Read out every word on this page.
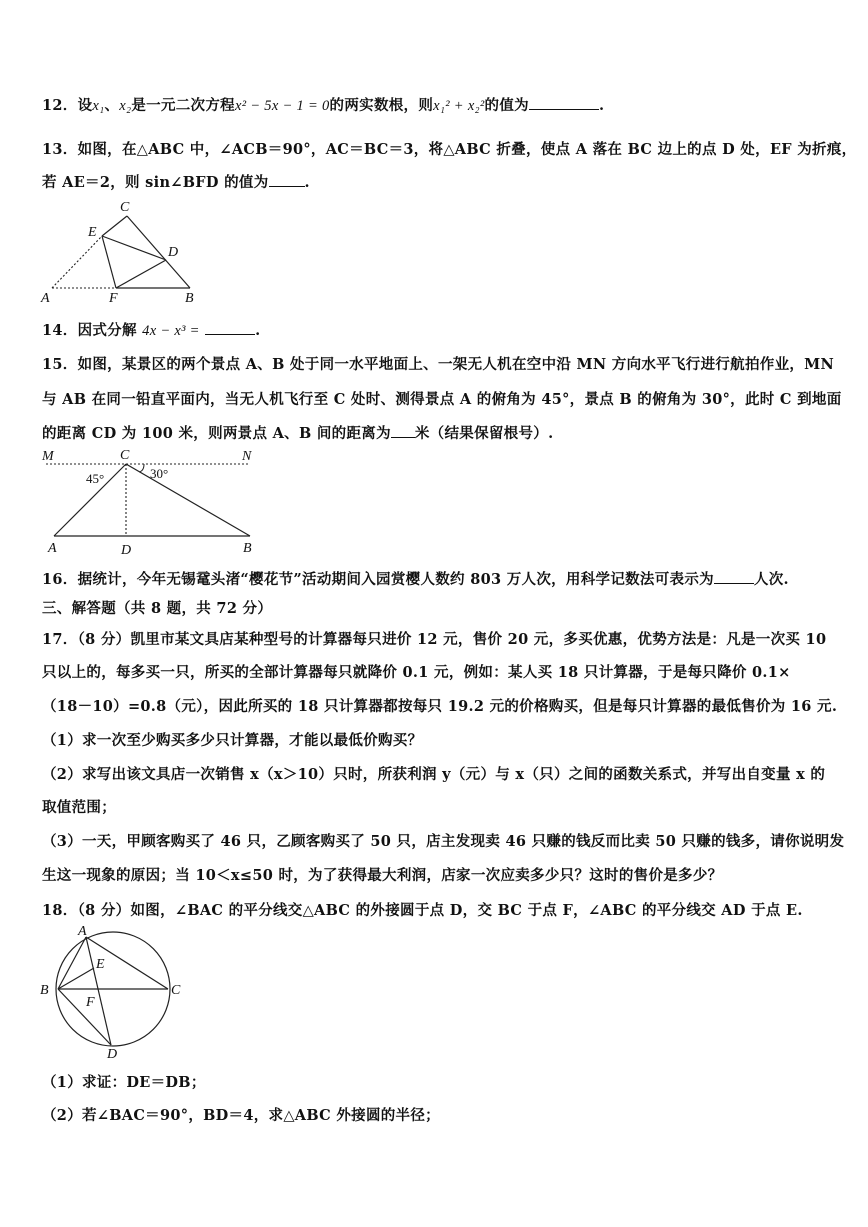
12．设x₁、x₂是一元二次方程x² − 5x − 1 = 0的两实数根，则x₁² + x₂²的值为	.
13．如图，在△ABC 中，∠ACB＝90°，AC＝BC＝3，将△ABC 折叠，使点 A 落在 BC 边上的点 D 处，EF 为折痕，
若 AE＝2，则 sin∠BFD 的值为 .
C
E
D
A	F	B
14．因式分解 4x − x³ =	.
15．如图，某景区的两个景点 A、B 处于同一水平地面上、一架无人机在空中沿 MN 方向水平飞行进行航拍作业，MN
与 AB 在同一铅直平面内，当无人机飞行至 C 处时、测得景点 A 的俯角为 45°，景点 B 的俯角为 30°，此时 C 到地面
的距离 CD 为 100 米，则两景点 A、B 间的距离为 米（结果保留根号）.
M	C	N
45°	30°
A	D	B
16．据统计，今年无锡鼋头渚“樱花节”活动期间入园赏樱人数约 803 万人次，用科学记数法可表示为	人次.
三、解答题（共 8 题，共 72 分）
17．（8 分）凯里市某文具店某种型号的计算器每只进价 12 元，售价 20 元，多买优惠，优势方法是：凡是一次买 10
只以上的，每多买一只，所买的全部计算器每只就降价 0.1 元，例如：某人买 18 只计算器，于是每只降价 0.1×
（18－10）=0.8（元），因此所买的 18 只计算器都按每只 19.2 元的价格购买，但是每只计算器的最低售价为 16 元.
（1）求一次至少购买多少只计算器，才能以最低价购买？
（2）求写出该文具店一次销售 x（x＞10）只时，所获利润 y（元）与 x（只）之间的函数关系式，并写出自变量 x 的
取值范围；
（3）一天，甲顾客购买了 46 只，乙顾客购买了 50 只，店主发现卖 46 只赚的钱反而比卖 50 只赚的钱多，请你说明发
生这一现象的原因；当 10＜x≤50 时，为了获得最大利润，店家一次应卖多少只？这时的售价是多少？
18．（8 分）如图，∠BAC 的平分线交△ABC 的外接圆于点 D，交 BC 于点 F，∠ABC 的平分线交 AD 于点 E.
A
E
B	C
F
D
（1）求证：DE＝DB；
（2）若∠BAC＝90°，BD＝4，求△ABC 外接圆的半径；
